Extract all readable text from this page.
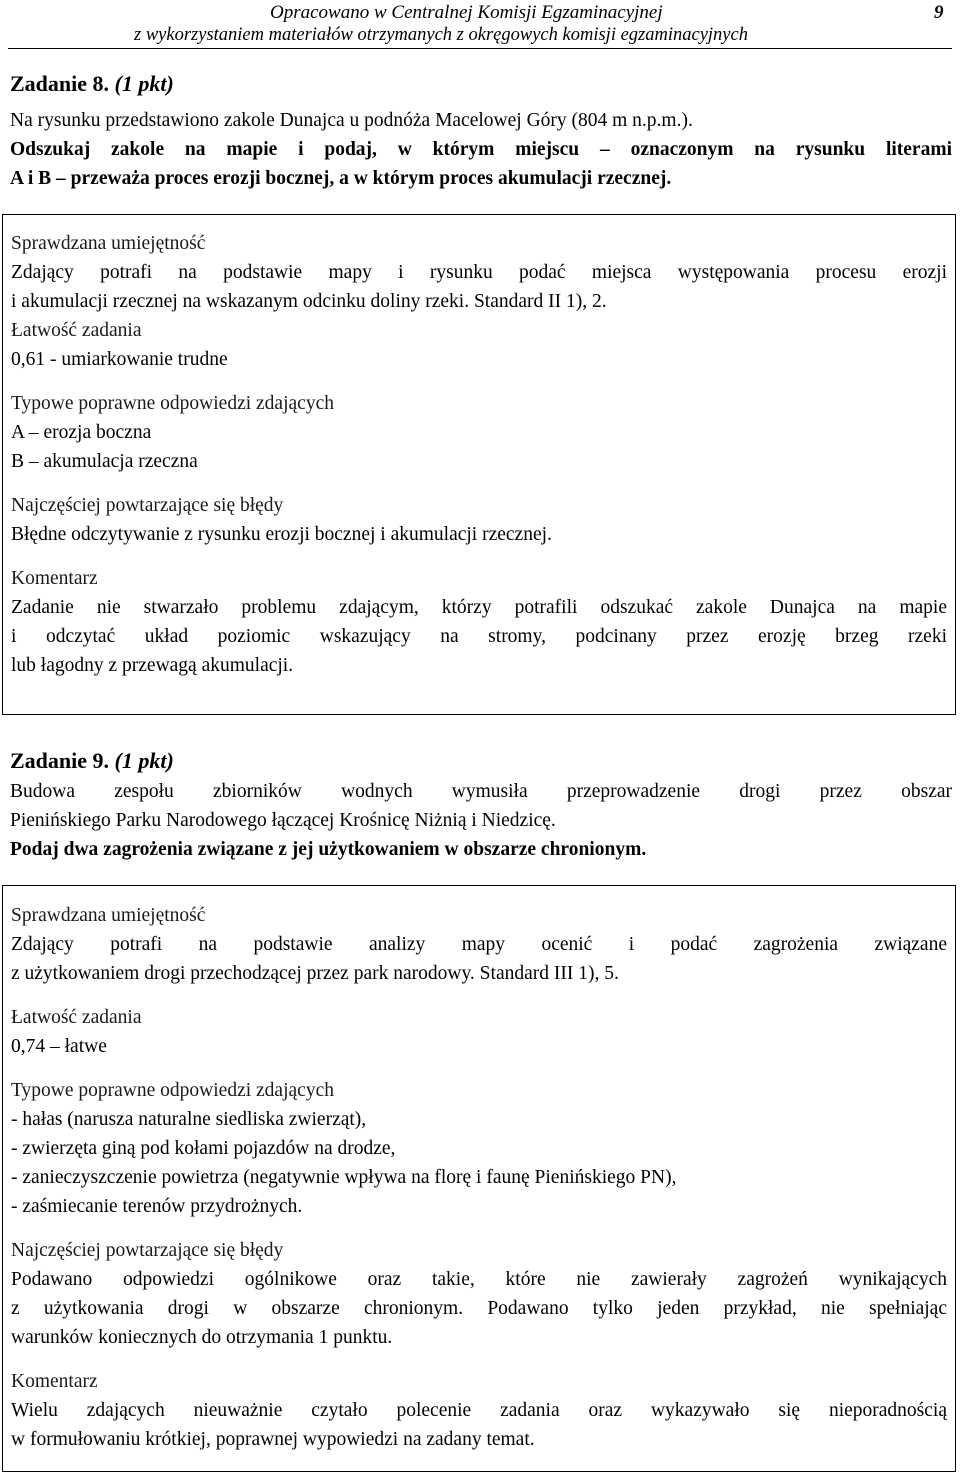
Opracowano w Centralnej Komisji Egzaminacyjnej
z wykorzystaniem materiałów otrzymanych z okręgowych komisji egzaminacyjnych
9
Zadanie 8. (1 pkt)

Na rysunku przedstawiono zakole Dunajca u podnóża Macelowej Góry (804 m n.p.m.).

Odszukaj zakole na mapie i podaj, w którym miejscu – oznaczonym na rysunku literami

A i B – przeważa proces erozji bocznej, a w którym proces akumulacji rzecznej.

Sprawdzana umiejętność

Zdający potrafi na podstawie mapy i rysunku podać miejsca występowania procesu erozji

i akumulacji rzecznej na wskazanym odcinku doliny rzeki. Standard II 1), 2.

Łatwość zadania

0,61 - umiarkowanie trudne

Typowe poprawne odpowiedzi zdających

A – erozja boczna

B – akumulacja rzeczna

Najczęściej powtarzające się błędy

Błędne odczytywanie z rysunku erozji bocznej i akumulacji rzecznej.

Komentarz

Zadanie nie stwarzało problemu zdającym, którzy potrafili odszukać zakole Dunajca na mapie

i odczytać układ poziomic wskazujący na stromy, podcinany przez erozję brzeg rzeki

lub łagodny z przewagą akumulacji.

Zadanie 9. (1 pkt)

Budowa zespołu zbiorników wodnych wymusiła przeprowadzenie drogi przez obszar

Pienińskiego Parku Narodowego łączącej Krośnicę Niżnią i Niedzicę.

Podaj dwa zagrożenia związane z jej użytkowaniem w obszarze chronionym.

Sprawdzana umiejętność

Zdający potrafi na podstawie analizy mapy ocenić i podać zagrożenia związane

z użytkowaniem drogi przechodzącej przez park narodowy. Standard III 1), 5.

Łatwość zadania

0,74 – łatwe

Typowe poprawne odpowiedzi zdających

- hałas (narusza naturalne siedliska zwierząt),

- zwierzęta giną pod kołami pojazdów na drodze,

- zanieczyszczenie powietrza (negatywnie wpływa na florę i faunę Pienińskiego PN),

- zaśmiecanie terenów przydrożnych.

Najczęściej powtarzające się błędy

Podawano odpowiedzi ogólnikowe oraz takie, które nie zawierały zagrożeń wynikających

z użytkowania drogi w obszarze chronionym. Podawano tylko jeden przykład, nie spełniając

warunków koniecznych do otrzymania 1 punktu.

Komentarz

Wielu zdających nieuważnie czytało polecenie zadania oraz wykazywało się nieporadnością

w formułowaniu krótkiej, poprawnej wypowiedzi na zadany temat.
